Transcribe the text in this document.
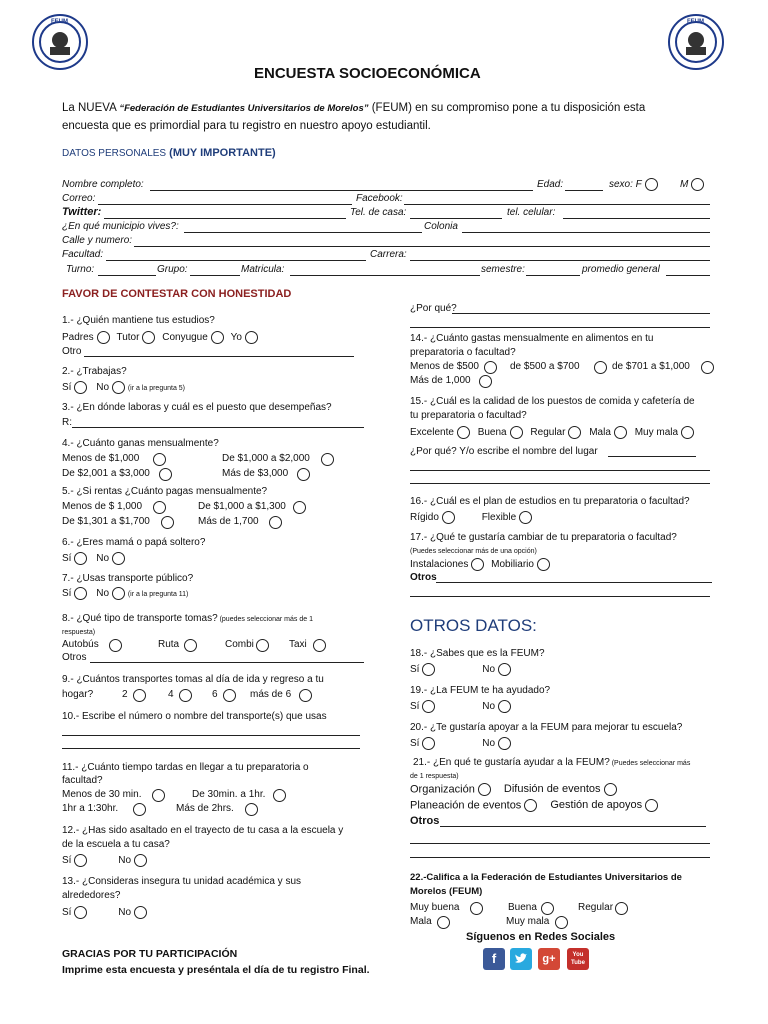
FEUM	FEUM
ENCUESTA SOCIOECONÓMICA
La NUEVA “Federación de Estudiantes Universitarios de Morelos” (FEUM) en su compromiso pone a tu disposición esta
encuesta que es primordial para tu registro en nuestro apoyo estudiantil.
DATOS PERSONALES (MUY IMPORTANTE)
Nombre completo:	Edad:	sexo: F	M
Correo:	Facebook:
Twitter:	Tel. de casa:	tel. celular:
¿En qué municipio vives?:	Colonia
Calle y numero:
Facultad:	Carrera:
Turno:	Grupo:	Matricula:	semestre:	promedio general
FAVOR DE CONTESTAR CON HONESTIDAD
1.- ¿Quién mantiene tus estudios?
Padres Tutor Conyugue Yo
Otro
2.- ¿Trabajas?
Sí No	(ir a la pregunta 5)
3.- ¿En dónde laboras y cuál es el puesto que desempeñas?
R:
4.- ¿Cuánto ganas mensualmente?
Menos de $1,000	De $1,000 a $2,000
De $2,001 a $3,000	Más de $3,000
5.- ¿Si rentas ¿Cuánto pagas mensualmente?
Menos de $ 1,000	De $1,000 a $1,300
De $1,301 a $1,700	Más de 1,700
6.- ¿Eres mamá o papá soltero?
Sí No
7.- ¿Usas transporte público?
Sí No	(ir a la pregunta 11)
8.- ¿Qué tipo de transporte tomas? (puedes seleccionar más de 1
respuesta)
Autobús	Ruta	Combi	Taxi
Otros
9.- ¿Cuántos transportes tomas al día de ida y regreso a tu
hogar?	2	4	6	más de 6
10.- Escribe el número o nombre del transporte(s) que usas
11.- ¿Cuánto tiempo tardas en llegar a tu preparatoria o
facultad?
Menos de 30 min.	De 30min. a 1hr.
1hr a 1:30hr.	Más de 2hrs.
12.- ¿Has sido asaltado en el trayecto de tu casa a la escuela y
de la escuela a tu casa?
Sí	No
13.- ¿Consideras insegura tu unidad académica y sus
alrededores?
Sí	No
GRACIAS POR TU PARTICIPACIÓN
Imprime esta encuesta y preséntala el día de tu registro Final.
¿Por qué?
14.- ¿Cuánto gastas mensualmente en alimentos en tu
preparatoria o facultad?
Menos de $500	de $500 a $700	de $701 a $1,000
Más de 1,000
15.- ¿Cuál es la calidad de los puestos de comida y cafetería de
tu preparatoria o facultad?
Excelente Buena Regular Mala Muy mala
¿Por qué? Y/o escribe el nombre del lugar
16.- ¿Cuál es el plan de estudios en tu preparatoria o facultad?
Rígido	Flexible
17.- ¿Qué te gustaría cambiar de tu preparatoria o facultad?
(Puedes seleccionar más de una opción)
Instalaciones Mobiliario
Otros
OTROS DATOS:
18.- ¿Sabes que es la FEUM?
Sí	No
19.- ¿La FEUM te ha ayudado?
Sí	No
20.- ¿Te gustaría apoyar a la FEUM para mejorar tu escuela?
Sí	No
21.- ¿En qué te gustaría ayudar a la FEUM? (Puedes seleccionar más
de 1 respuesta)
Organización	Difusión de eventos
Planeación de eventos	Gestión de apoyos
Otros
22.-Califica a la Federación de Estudiantes Universitarios de
Morelos (FEUM)
Muy buena	Buena	Regular
Mala	Muy mala
Síguenos en Redes Sociales
f	g+	You Tube
